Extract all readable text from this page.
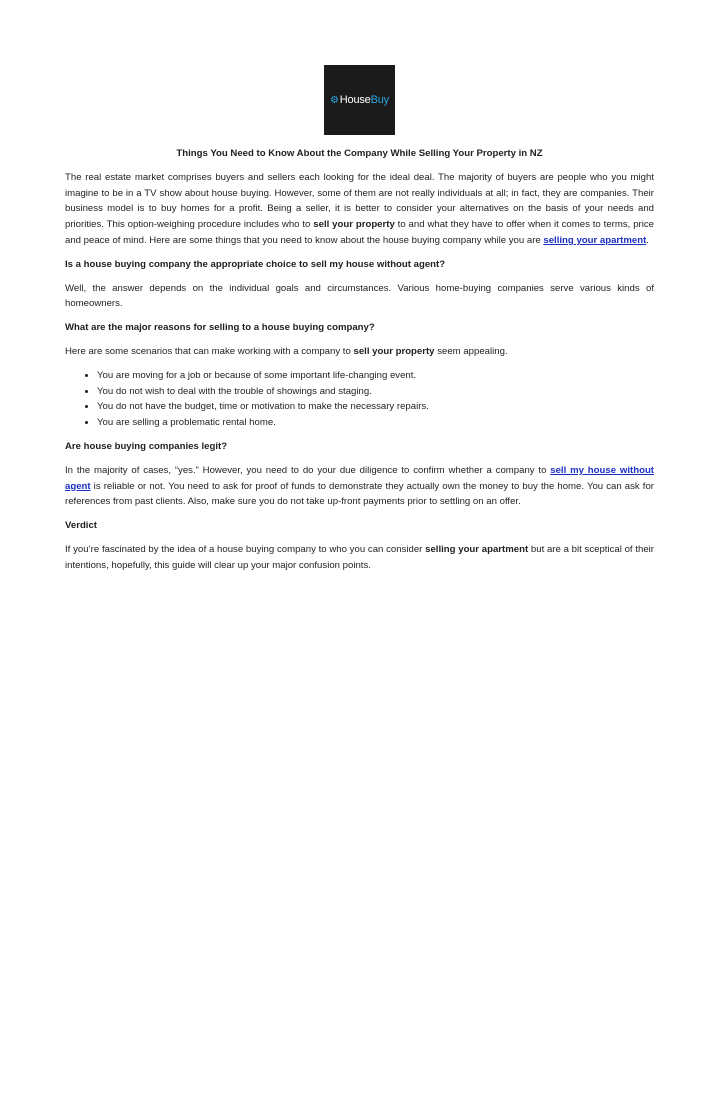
⚙HouseBuy
Things You Need to Know About the Company While Selling Your Property in NZ

The real estate market comprises buyers and sellers each looking for the ideal deal. The majority of buyers are people who you might imagine to be in a TV show about house buying. However, some of them are not really individuals at all; in fact, they are companies. Their business model is to buy homes for a profit. Being a seller, it is better to consider your alternatives on the basis of your needs and priorities. This option-weighing procedure includes who to sell your property to and what they have to offer when it comes to terms, price and peace of mind. Here are some things that you need to know about the house buying company while you are selling your apartment.

Is a house buying company the appropriate choice to sell my house without agent?

Well, the answer depends on the individual goals and circumstances. Various home-buying companies serve various kinds of homeowners.

What are the major reasons for selling to a house buying company?

Here are some scenarios that can make working with a company to sell your property seem appealing.

• You are moving for a job or because of some important life-changing event.
• You do not wish to deal with the trouble of showings and staging.
• You do not have the budget, time or motivation to make the necessary repairs.
• You are selling a problematic rental home.
Are house buying companies legit?

In the majority of cases, “yes.” However, you need to do your due diligence to confirm whether a company to sell my house without agent is reliable or not. You need to ask for proof of funds to demonstrate they actually own the money to buy the home. You can ask for references from past clients. Also, make sure you do not take up-front payments prior to settling on an offer.

Verdict

If you’re fascinated by the idea of a house buying company to who you can consider selling your apartment but are a bit sceptical of their intentions, hopefully, this guide will clear up your major confusion points.
